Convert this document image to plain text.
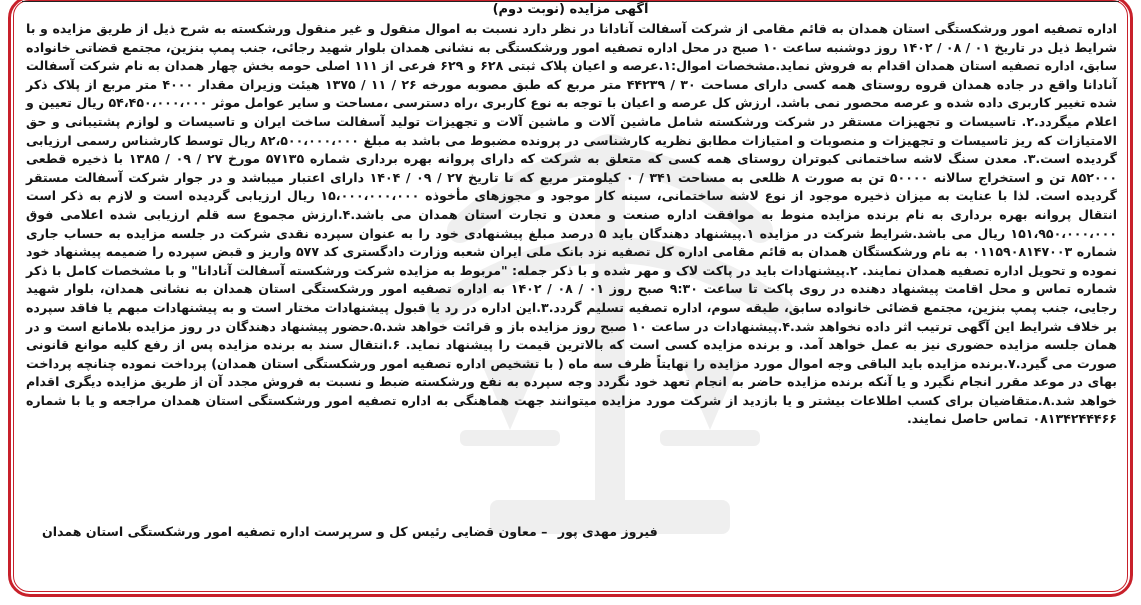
آگهی مزایده (نوبت دوم)

اداره تصفیه امور ورشکستگی استان همدان به قائم مقامی از شرکت آسفالت آنادانا در نظر دارد نسبت به اموال منقول و غیر منقول ورشکسته به شرح ذیل از طریق مزایده و با شرایط ذیل در تاریخ ۰۱ / ۰۸ / ۱۴۰۲ روز دوشنبه ساعت ۱۰ صبح در محل اداره تصفیه امور ورشکستگی به نشانی همدان بلوار شهید رجائی، جنب پمپ بنزین، مجتمع قضاتی خانواده سابق، اداره تصفیه استان همدان اقدام به فروش نماید.مشخصات اموال:۱.عرصه و اعیان پلاک ثبتی ۶۲۸ و ۶۲۹ فرعی از ۱۱۱ اصلی حومه بخش چهار همدان به نام شرکت آسفالت آنادانا واقع در جاده همدان قروه روستای همه کسی دارای مساحت ۳۰ / ۴۴۲۳۹ متر مربع که طبق مصوبه مورخه ۲۶ / ۱۱ / ۱۳۷۵ هیئت وزیران مقدار ۴۰۰۰ متر مربع از پلاک ذکر شده تغییر کاربری داده شده و عرصه محصور نمی باشد. ارزش کل عرصه و اعیان با توجه به نوع کاربری ،راه دسترسی ،مساحت و سایر عوامل موثر ۵۴،۴۵۰،۰۰۰،۰۰۰ ریال تعیین و اعلام میگردد.۲. تاسیسات و تجهیزات مستقر در شرکت ورشکسته شامل ماشین آلات و ماشین آلات و تجهیزات تولید آسفالت ساخت ایران و تاسیسات و لوازم پشتیبانی و حق الامتیازات که ریز تاسیسات و تجهیزات و منصوبات و امتیازات مطابق نظریه کارشناسی در پرونده مضبوط می باشد به مبلغ ۸۲،۵۰۰،۰۰۰،۰۰۰ ریال توسط کارشناس رسمی ارزیابی گردیده است.۳. معدن سنگ لاشه ساختمانی کبوتران روستای همه کسی که متعلق به شرکت که دارای پروانه بهره برداری شماره ۵۷۱۳۵ مورخ ۲۷ / ۰۹ / ۱۳۸۵ با ذخیره قطعی ۸۵۲۰۰۰ تن و استخراج سالانه ۵۰۰۰۰ تن به صورت ۸ ظلعی به مساحت ۳۴۱ / ۰ کیلومتر مربع که تا تاریخ ۲۷ / ۰۹ / ۱۴۰۴ دارای اعتبار میباشد و در جوار شرکت آسفالت مستقر گردیده است. لذا با عنایت به میزان ذخیره موجود از نوع لاشه ساختمانی، سینه کار موجود و مجوزهای مأخوذه ۱۵،۰۰۰،۰۰۰،۰۰۰ ریال ارزیابی گردیده است و لازم به ذکر است انتقال پروانه بهره برداری به نام برنده مزایده منوط به موافقت اداره صنعت و معدن و تجارت استان همدان می باشد.۴.ارزش مجموع سه قلم ارزیابی شده اعلامی فوق ۱۵۱،۹۵۰،۰۰۰،۰۰۰ ریال می باشد.شرایط شرکت در مزایده ۱.پیشنهاد دهندگان باید ۵ درصد مبلغ پیشنهادی خود را به عنوان سپرده نقدی شرکت در جلسه مزایده به حساب جاری شماره ۰۱۱۵۹۰۸۱۴۷۰۰۳ به نام ورشکستگان همدان به قائم مقامی اداره کل تصفیه نزد بانک ملی ایران شعبه وزارت دادگستری کد ۵۷۷ واریز و قبض سپرده را ضمیمه پیشنهاد خود نموده و تحویل اداره تصفیه همدان نمایند. ۲.پیشنهادات باید در پاکت لاک و مهر شده و با ذکر جمله: "مربوط به مزایده شرکت ورشکسته آسفالت آنادانا" و با مشخصات کامل با ذکر شماره تماس و محل اقامت پیشنهاد دهنده در روی پاکت تا ساعت ۹:۳۰ صبح روز ۰۱ / ۰۸ / ۱۴۰۲ به اداره تصفیه امور ورشکستگی استان همدان به نشانی همدان، بلوار شهید رجایی، جنب پمپ بنزین، مجتمع قضائی خانواده سابق، طبقه سوم، اداره تصفیه تسلیم گردد.۳.این اداره در رد یا قبول پیشنهادات مختار است و به پیشنهادات مبهم یا فاقد سپرده بر خلاف شرایط این آگهی ترتیب اثر داده نخواهد شد.۴.پیشنهادات در ساعت ۱۰ صبح روز مزایده باز و قرائت خواهد شد.۵.حضور پیشنهاد دهندگان در روز مزایده بلامانع است و در همان جلسه مزایده حضوری نیز به عمل خواهد آمد. و برنده مزایده کسی است که بالاترین قیمت را پیشنهاد نماید. ۶.انتقال سند به برنده مزایده پس از رفع کلیه موانع قانونی صورت می گیرد.۷.برنده مزایده باید الباقی وجه اموال مورد مزایده را نهایتاً ظرف سه ماه ( با تشخیص اداره تصفیه امور ورشکستگی استان همدان) پرداخت نموده چنانچه پرداخت بهای در موعد مقرر انجام نگیرد و یا آنکه برنده مزایده حاضر به انجام تعهد خود نگردد وجه سپرده به نفع ورشکسته ضبط و نسبت به فروش مجدد آن از طریق مزایده دیگری اقدام خواهد شد.۸.متقاضیان برای کسب اطلاعات بیشتر و یا بازدید از شرکت مورد مزایده میتوانند جهت هماهنگی به اداره تصفیه امور ورشکستگی استان همدان مراجعه و یا با شماره ۰۸۱۳۴۲۴۴۴۶۶ تماس حاصل نمایند.

فیروز مهدی پور – معاون قضایی رئیس کل و سرپرست اداره تصفیه امور ورشکستگی استان همدان
